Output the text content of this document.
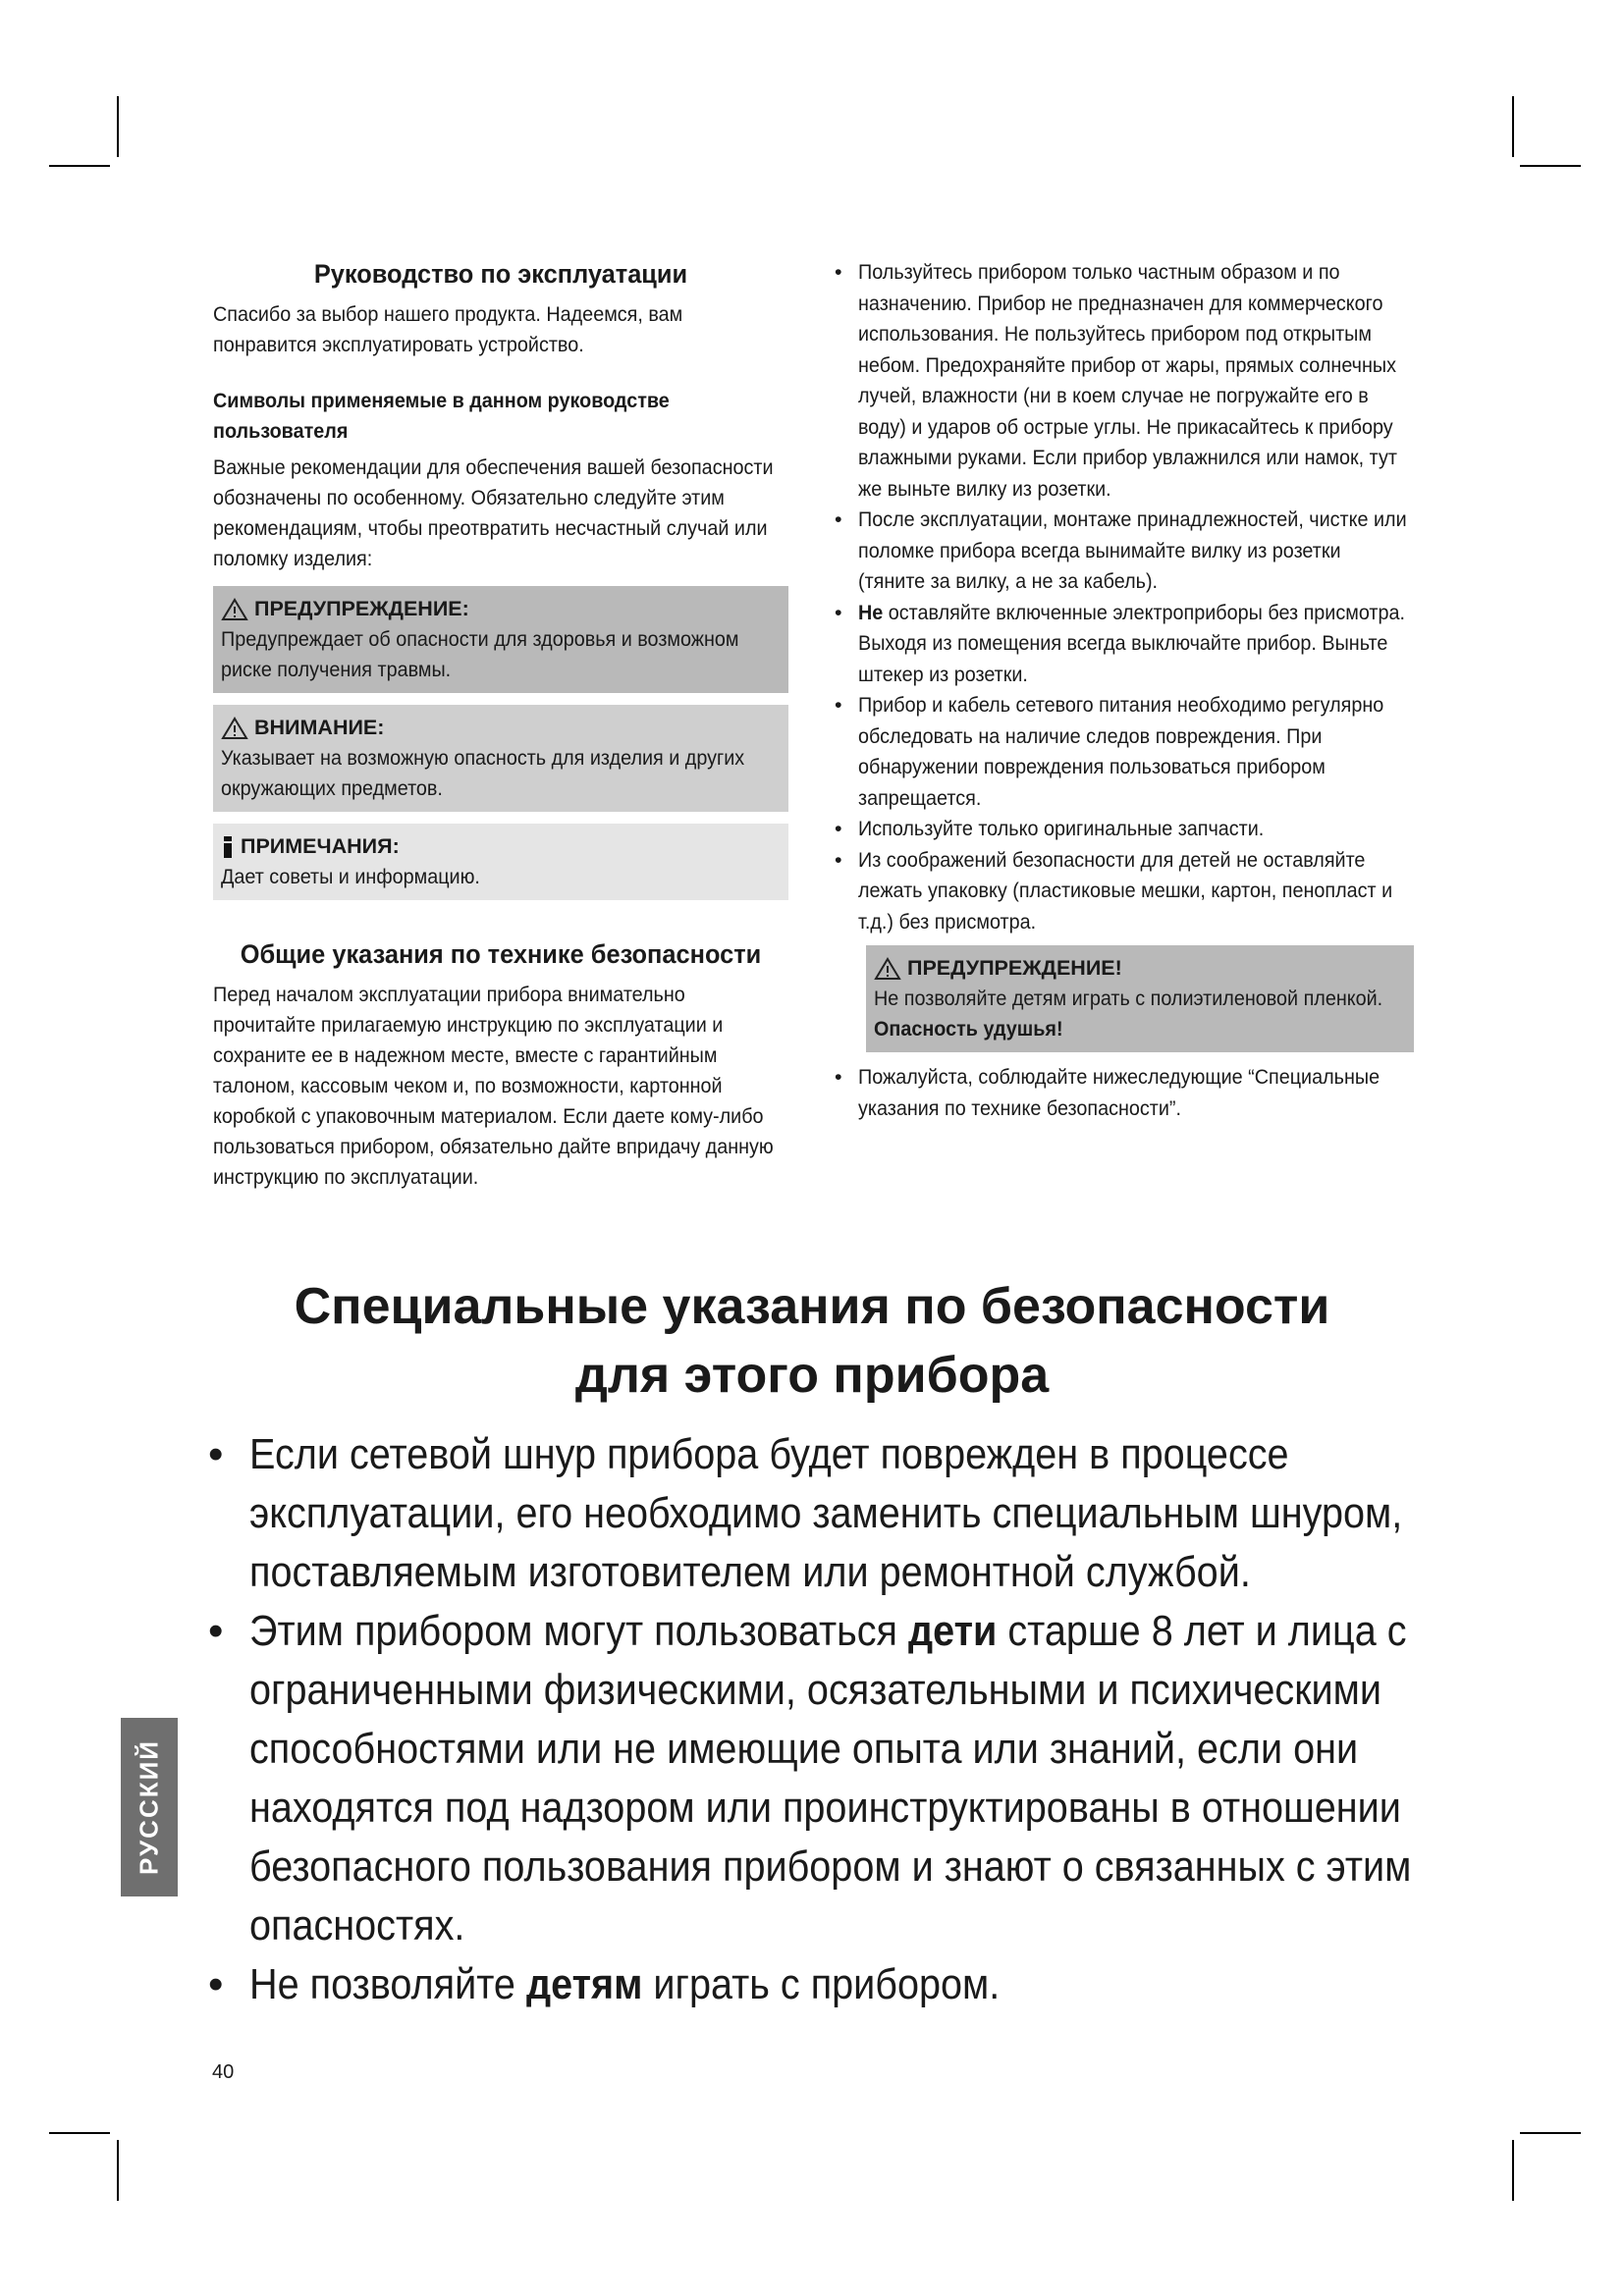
Руководство по эксплуатации

Спасибо за выбор нашего продукта. Надеемся, вам понравится эксплуатировать устройство.

Символы применяемые в данном руководстве пользователя

Важные рекомендации для обеспечения вашей безопасности обозначены по особенному. Обязательно следуйте этим рекомендациям, чтобы преотвратить несчастный случай или поломку изделия:

ПРЕДУПРЕЖДЕНИЕ:
Предупреждает об опасности для здоровья и возможном риске получения травмы.
ВНИМАНИЕ:
Указывает на возможную опасность для изделия и других окружающих предметов.
ПРИМЕЧАНИЯ:
Дает советы и информацию.
Общие указания по технике безопасности

Перед началом эксплуатации прибора внимательно прочитайте прилагаемую инструкцию по эксплуатации и сохраните ее в надежном месте, вместе с гарантийным талоном, кассовым чеком и, по возможности, картонной коробкой с упаковочным материалом. Если даете кому-либо пользоваться прибором, обязательно дайте впридачу данную инструкцию по эксплуатации.

• Пользуйтесь прибором только частным образом и по назначению. Прибор не предназначен для коммерческого использования. Не пользуйтесь прибором под открытым небом. Предохраняйте прибор от жары, прямых солнечных лучей, влажности (ни в коем случае не погружайте его в воду) и ударов об острые углы. Не прикасайтесь к прибору влажными руками. Если прибор увлажнился или намок, тут же выньте вилку из розетки.
• После эксплуатации, монтаже принадлежностей, чистке или поломке прибора всегда вынимайте вилку из розетки (тяните за вилку, а не за кабель).
• Не оставляйте включенные электроприборы без присмотра. Выходя из помещения всегда выключайте прибор. Выньте штекер из розетки.
• Прибор и кабель сетевого питания необходимо регулярно обследовать на наличие следов повреждения. При обнаружении повреждения пользоваться прибором запрещается.
• Используйте только оригинальные запчасти.
• Из соображений безопасности для детей не оставляйте лежать упаковку (пластиковые мешки, картон, пенопласт и т.д.) без присмотра.
ПРЕДУПРЕЖДЕНИЕ!
Не позволяйте детям играть с полиэтиленовой пленкой. Опасность удушья!
• Пожалуйста, соблюдайте нижеследующие “Специальные указания по технике безопасности”.
Специальные указания по безопасности
для этого прибора
• Если сетевой шнур прибора будет поврежден в процессе эксплуатации, его необходимо заменить специальным шнуром, поставляемым изготовителем или ремонтной службой.
• Этим прибором могут пользоваться дети старше 8 лет и лица с ограниченными физическими, осязательными и психическими способностями или не имеющие опыта или знаний, если они находятся под надзором или проинструктированы в отношении безопасного пользования прибором и знают о связанных с этим опасностях.
• Не позволяйте детям играть с прибором.
РУССКИЙ
40
